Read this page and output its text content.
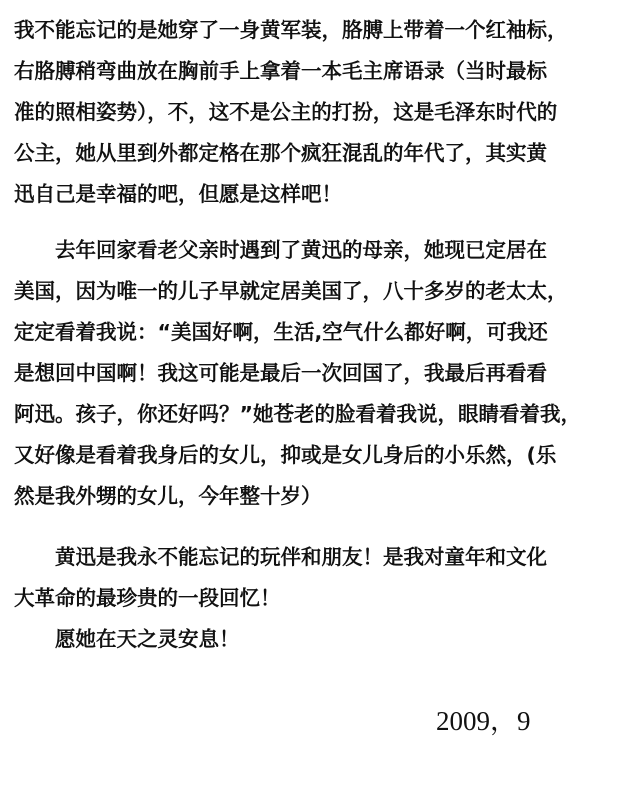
我不能忘记的是她穿了一身黄军装，胳膊上带着一个红袖标，
右胳膊稍弯曲放在胸前手上拿着一本毛主席语录（当时最标
准的照相姿势），不，这不是公主的打扮，这是毛泽东时代的
公主，她从里到外都定格在那个疯狂混乱的年代了，其实黄
迅自己是幸福的吧，但愿是这样吧！
去年回家看老父亲时遇到了黄迅的母亲，她现已定居在
美国，因为唯一的儿子早就定居美国了，八十多岁的老太太，
定定看着我说：“美国好啊，生活,空气什么都好啊，可我还
是想回中国啊！我这可能是最后一次回国了，我最后再看看
阿迅。孩子，你还好吗？”她苍老的脸看着我说，眼睛看着我，
又好像是看着我身后的女儿，抑或是女儿身后的小乐然，(乐
然是我外甥的女儿，今年整十岁）
黄迅是我永不能忘记的玩伴和朋友！是我对童年和文化
大革命的最珍贵的一段回忆！
愿她在天之灵安息！
2009，9
